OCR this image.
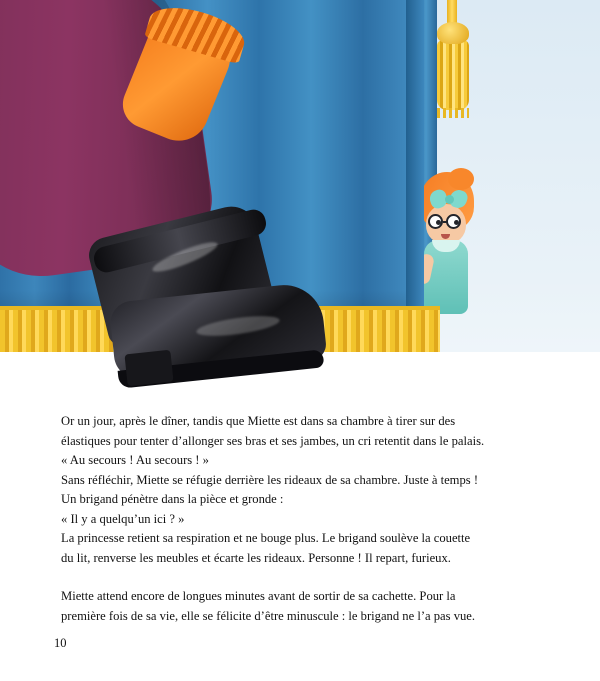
Or un jour, après le dîner, tandis que Miette est dans sa chambre à tirer sur des

élastiques pour tenter d’allonger ses bras et ses jambes, un cri retentit dans le palais.

« Au secours ! Au secours ! »

Sans réfléchir, Miette se réfugie derrière les rideaux de sa chambre. Juste à temps !

Un brigand pénètre dans la pièce et gronde :

« Il y a quelqu’un ici ? »

La princesse retient sa respiration et ne bouge plus. Le brigand soulève la couette

du lit, renverse les meubles et écarte les rideaux. Personne ! Il repart, furieux.

Miette attend encore de longues minutes avant de sortir de sa cachette. Pour la

première fois de sa vie, elle se félicite d’être minuscule : le brigand ne l’a pas vue.

10
